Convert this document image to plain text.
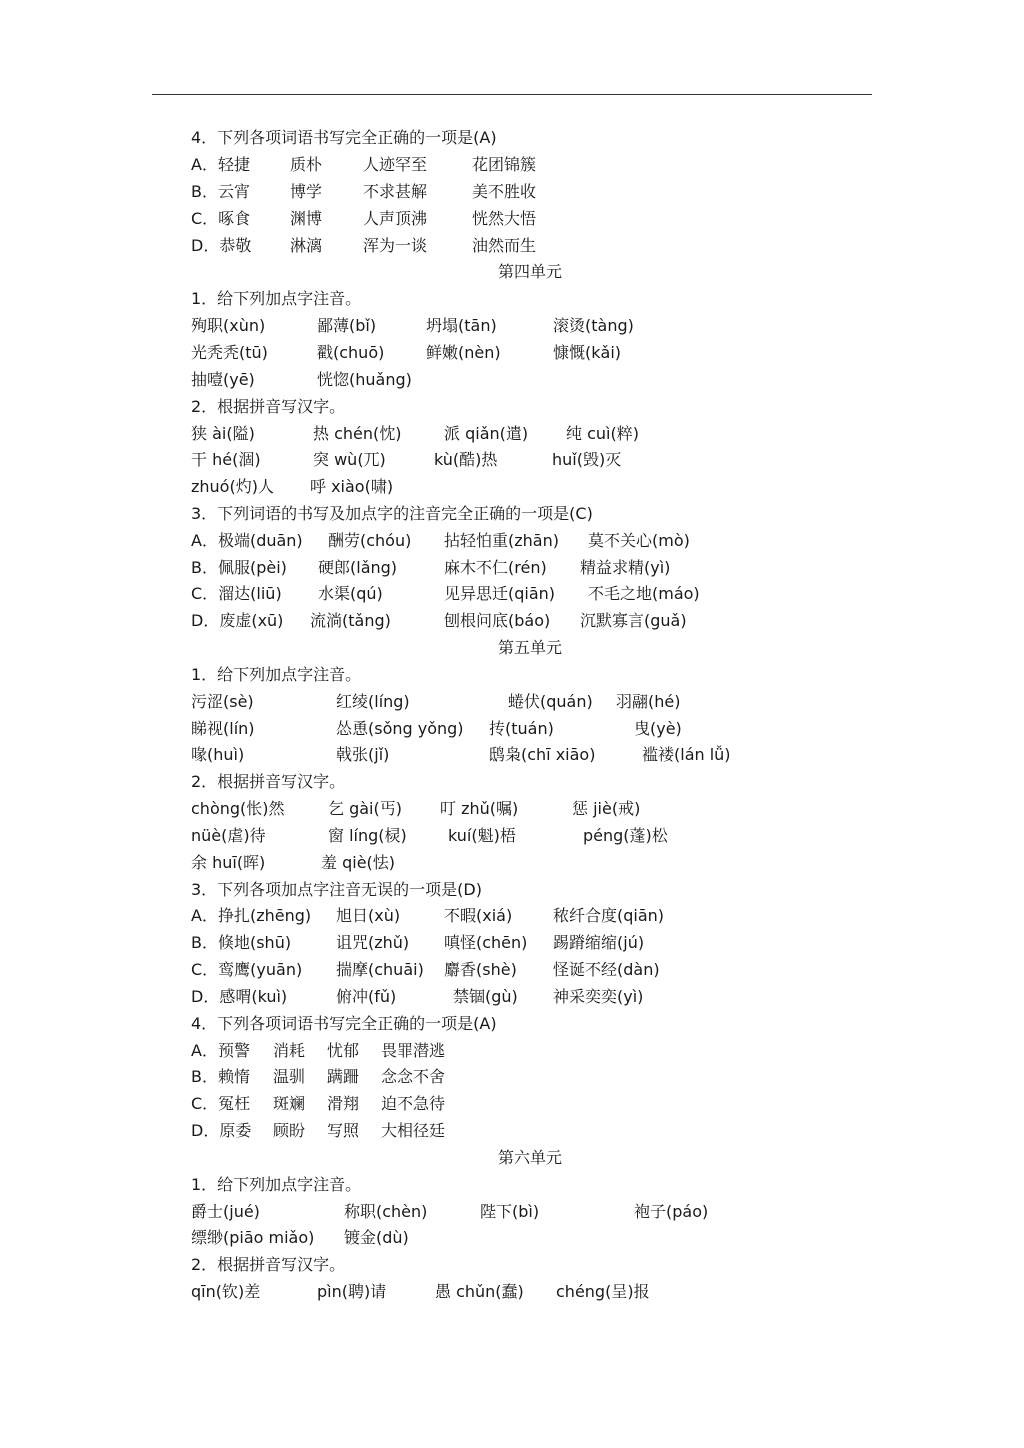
4．下列各项词语书写完全正确的一项是(A)
A．轻捷	质朴	人迹罕至	花团锦簇
B．云宵	博学	不求甚解	美不胜收
C．啄食 渊博	人声顶沸	恍然大悟
D．恭敬 淋漓	浑为一谈	油然而生
第四单元
1．给下列加点字注音。
殉职(xùn)	鄙薄(bǐ)	坍塌(tān)	滚烫(tàng)
光秃秃(tū)	戳(chuō)	鲜嫩(nèn)	慷慨(kǎi)
抽噎(yē)	恍惚(huǎng)
2．根据拼音写汉字。
狭 ài(隘)	热 chén(忱)	派 qiǎn(遣) 纯 cuì(粹)
干 hé(涸)	突 wù(兀)	kù(酷)热	huǐ(毁)灭
zhuó(灼)人 呼 xiào(啸)
3．下列词语的书写及加点字的注音完全正确的一项是(C)
A．极端(duān) 酬劳(chóu) 拈轻怕重(zhān) 莫不关心(mò)
B．佩服(pèi) 硬郎(lǎng)	麻木不仁(rén) 精益求精(yì)
C．溜达(liū) 水渠(qú)	见异思迁(qiān) 不毛之地(máo)
D．废虚(xū) 流淌(tǎng)	刨根问底(báo) 沉默寡言(guǎ)
第五单元
1．给下列加点字注音。
污涩(sè)	红绫(líng)	蜷伏(quán) 羽翮(hé)
睇视(lín)	怂恿(sǒng yǒng) 抟(tuán)	曳(yè)
喙(huì)	戟张(jǐ)	鸱枭(chī xiāo)	褴褛(lán lǚ)
2．根据拼音写汉字。
chòng(怅)然	乞 gài(丐) 叮 zhǔ(嘱)	惩 jiè(戒)
nüè(虐)待	窗 líng(棂)	kuí(魁)梧	péng(蓬)松
余 huī(晖)	羞 qiè(怯)
3．下列各项加点字注音无误的一项是(D)
A．挣扎(zhēng) 旭日(xù)	不暇(xiá)	秾纤合度(qiān)
B．倏地(shū)	诅咒(zhǔ) 嗔怪(chēn) 踢蹐缩缩(jú)
C．鸾鹰(yuān) 揣摩(chuāi) 麝香(shè) 怪诞不经(dàn)
D．感喟(kuì)	俯冲(fǔ)	禁锢(gù) 神采奕奕(yì)
4．下列各项词语书写完全正确的一项是(A)
A．预警 消耗 忧郁 畏罪潜逃
B．赖惰 温驯 蹒跚 念念不舍
C．冤枉 斑斓 滑翔 迫不急待
D．原委 顾盼 写照 大相径廷
第六单元
1．给下列加点字注音。
爵士(jué)	称职(chèn)	陛下(bì)	袍子(páo)
缥缈(piāo miǎo) 镀金(dù)
2．根据拼音写汉字。
qīn(钦)差	pìn(聘)请	愚 chǔn(蠢) chéng(呈)报
